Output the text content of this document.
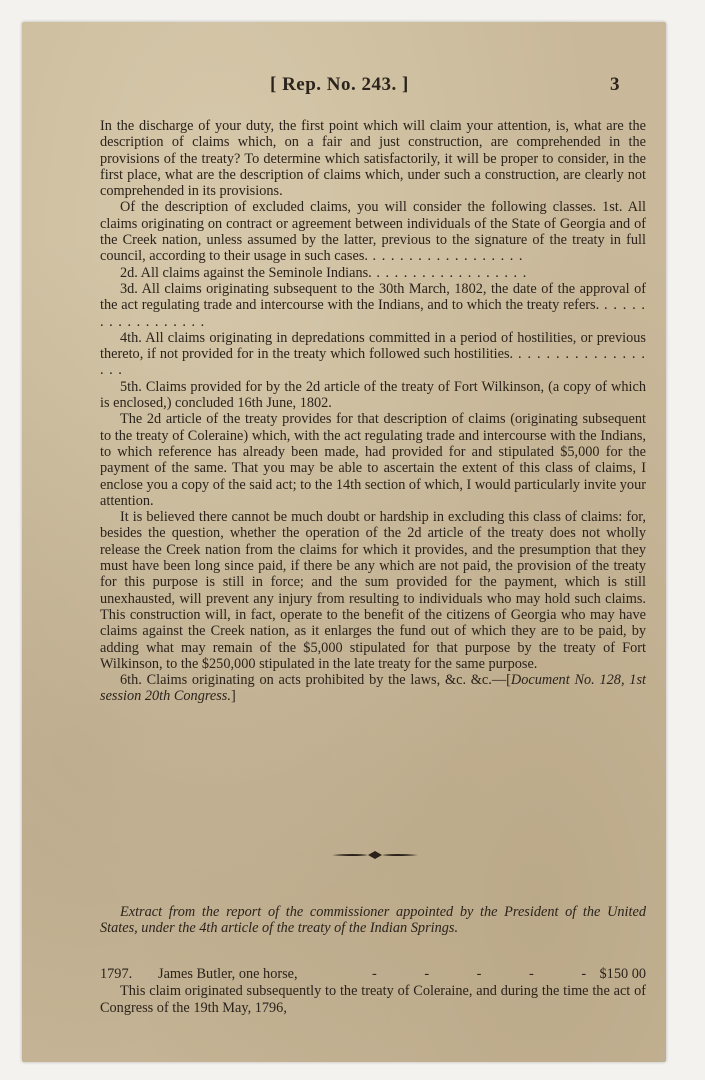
[ Rep. No. 243. ]	3

In the discharge of your duty, the first point which will claim your attention, is, what are the description of claims which, on a fair and just construction, are comprehended in the provisions of the treaty? To determine which satisfactorily, it will be proper to consider, in the first place, what are the description of claims which, under such a construction, are clearly not comprehended in its provisions.

Of the description of excluded claims, you will consider the following classes. 1st. All claims originating on contract or agreement between individuals of the State of Georgia and of the Creek nation, unless assumed by the latter, previous to the signature of the treaty in full council, according to their usage in such cases. . . .

2d. All claims against the Seminole Indians. . . .

3d. All claims originating subsequent to the 30th March, 1802, the date of the approval of the act regulating trade and intercourse with the Indians, and to which the treaty refers. . . .

4th. All claims originating in depredations committed in a period of hostilities, or previous thereto, if not provided for in the treaty which followed such hostilities. . . .

5th. Claims provided for by the 2d article of the treaty of Fort Wilkinson, (a copy of which is enclosed,) concluded 16th June, 1802.

The 2d article of the treaty provides for that description of claims (originating subsequent to the treaty of Coleraine) which, with the act regulating trade and intercourse with the Indians, to which reference has already been made, had provided for and stipulated $5,000 for the payment of the same. That you may be able to ascertain the extent of this class of claims, I enclose you a copy of the said act; to the 14th section of which, I would particularly invite your attention.

It is believed there cannot be much doubt or hardship in excluding this class of claims: for, besides the question, whether the operation of the 2d article of the treaty does not wholly release the Creek nation from the claims for which it provides, and the presumption that they must have been long since paid, if there be any which are not paid, the provision of the treaty for this purpose is still in force; and the sum provided for the payment, which is still unexhausted, will prevent any injury from resulting to individuals who may hold such claims. This construction will, in fact, operate to the benefit of the citizens of Georgia who may have claims against the Creek nation, as it enlarges the fund out of which they are to be paid, by adding what may remain of the $5,000 stipulated for that purpose by the treaty of Fort Wilkinson, to the $250,000 stipulated in the late treaty for the same purpose.

6th. Claims originating on acts prohibited by the laws, &c. &c.—[Document No. 128, 1st session 20th Congress.]

Extract from the report of the commissioner appointed by the President of the United States, under the 4th article of the treaty of the Indian Springs.

1797. James Butler, one horse,	- - - - -
$150 00

This claim originated subsequently to the treaty of Coleraine, and during the time the act of Congress of the 19th May, 1796,
